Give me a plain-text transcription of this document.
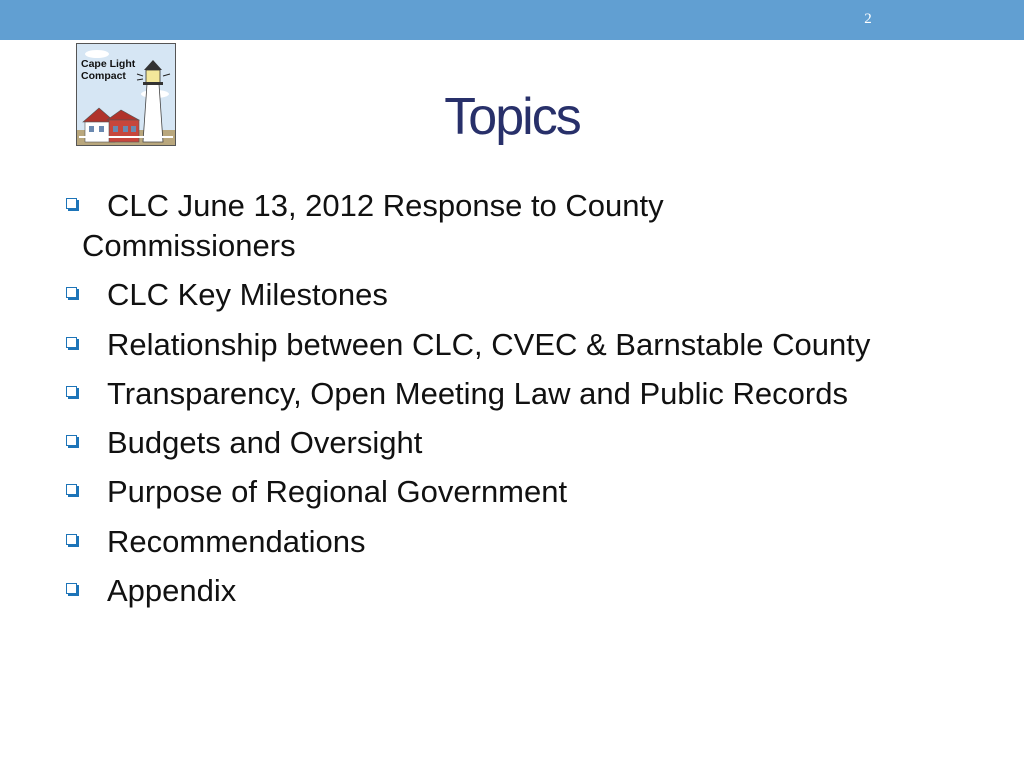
2
Cape Light
Compact
Topics
CLC June 13, 2012 Response to County
Commissioners
CLC Key Milestones
Relationship between CLC, CVEC & Barnstable County
Transparency, Open Meeting Law and Public Records
Budgets and Oversight
Purpose of Regional Government
Recommendations
Appendix
